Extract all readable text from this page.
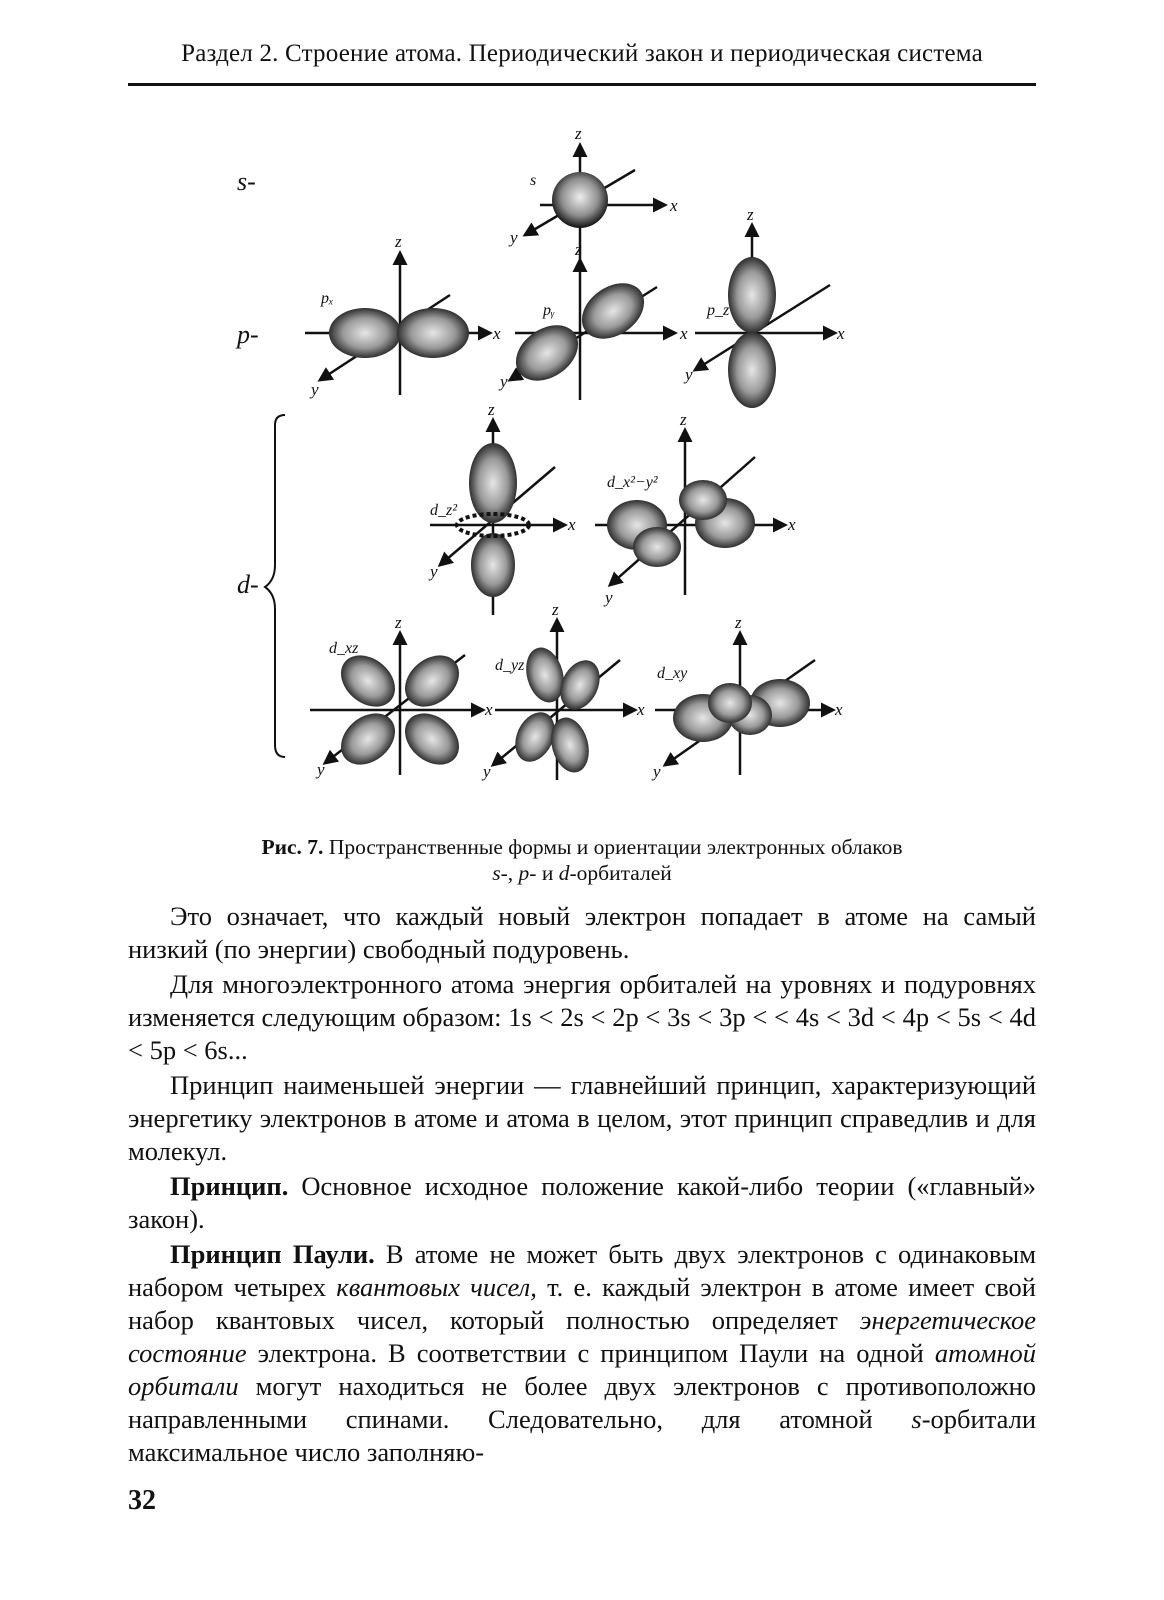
Раздел 2. Строение атома. Периодический закон и периодическая система
s-
p-
d-
z
x
y
s
z
x
y
pₓ
z
x
y
pᵧ
z
x
y
p_z
z
x
y
d_z²
z
x
y
d_x²−y²
z
x
y
d_xz
z
x
y
d_yz
z
x
y
d_xy
Рис. 7. Пространственные формы и ориентации электронных облаков
s-, p- и d-орбиталей

Это означает, что каждый новый электрон попадает в атоме на самый низкий (по энергии) свободный подуровень.

Для многоэлектронного атома энергия орбиталей на уровнях и подуровнях изменяется следующим образом: 1s < 2s < 2p < 3s < 3p < < 4s < 3d < 4p < 5s < 4d < 5p < 6s...

Принцип наименьшей энергии — главнейший принцип, характеризующий энергетику электронов в атоме и атома в целом, этот принцип справедлив и для молекул.

Принцип. Основное исходное положение какой-либо теории («главный» закон).

Принцип Паули. В атоме не может быть двух электронов с одинаковым набором четырех квантовых чисел, т. е. каждый электрон в атоме имеет свой набор квантовых чисел, который полностью определяет энергетическое состояние электрона. В соответствии с принципом Паули на одной атомной орбитали могут находиться не более двух электронов с противоположно направленными спинами. Следовательно, для атомной s-орбитали максимальное число заполняю-

32
